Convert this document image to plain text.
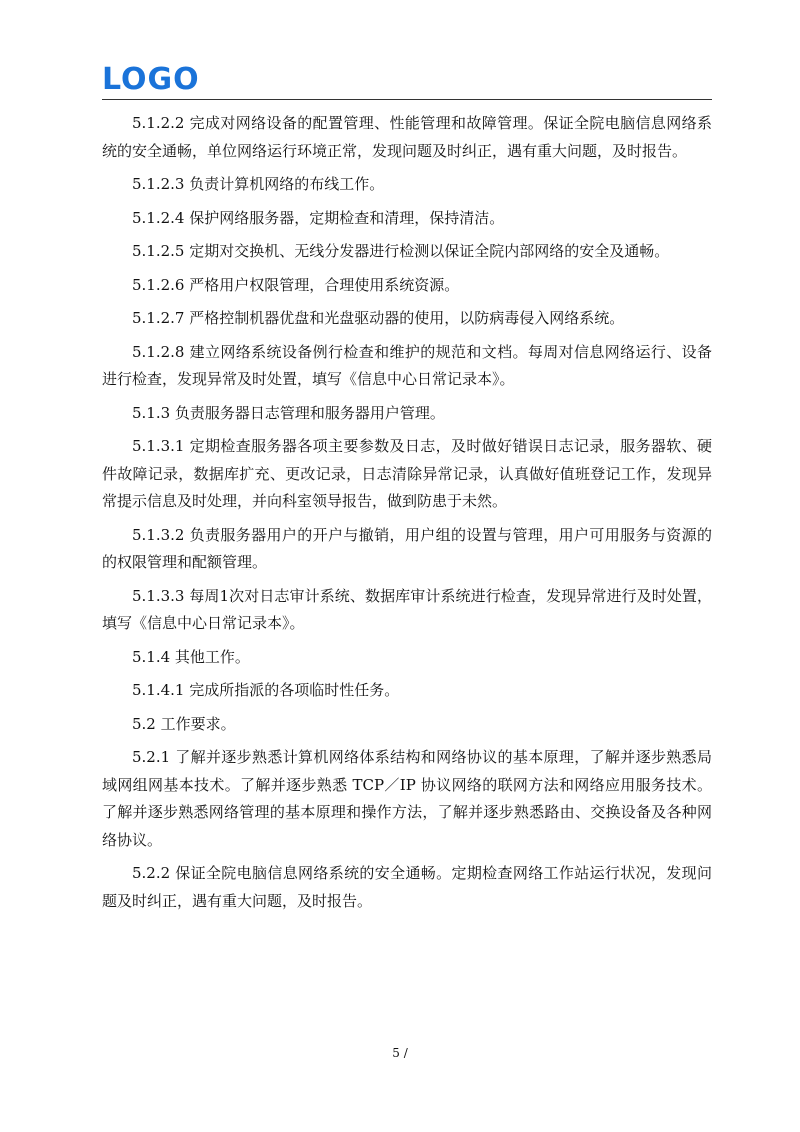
LOGO

5.1.2.2 完成对网络设备的配置管理、性能管理和故障管理。保证全院电脑信息网络系统的安全通畅，单位网络运行环境正常，发现问题及时纠正，遇有重大问题，及时报告。

5.1.2.3 负责计算机网络的布线工作。

5.1.2.4 保护网络服务器，定期检查和清理，保持清洁。

5.1.2.5 定期对交换机、无线分发器进行检测以保证全院内部网络的安全及通畅。

5.1.2.6 严格用户权限管理，合理使用系统资源。

5.1.2.7 严格控制机器优盘和光盘驱动器的使用，以防病毒侵入网络系统。

5.1.2.8 建立网络系统设备例行检查和维护的规范和文档。每周对信息网络运行、设备进行检查，发现异常及时处置，填写《信息中心日常记录本》。

5.1.3 负责服务器日志管理和服务器用户管理。

5.1.3.1 定期检查服务器各项主要参数及日志，及时做好错误日志记录，服务器软、硬件故障记录，数据库扩充、更改记录，日志清除异常记录，认真做好值班登记工作，发现异常提示信息及时处理，并向科室领导报告，做到防患于未然。

5.1.3.2 负责服务器用户的开户与撤销，用户组的设置与管理，用户可用服务与资源的的权限管理和配额管理。

5.1.3.3 每周1次对日志审计系统、数据库审计系统进行检查，发现异常进行及时处置，填写《信息中心日常记录本》。

5.1.4 其他工作。

5.1.4.1 完成所指派的各项临时性任务。

5.2 工作要求。

5.2.1 了解并逐步熟悉计算机网络体系结构和网络协议的基本原理，了解并逐步熟悉局域网组网基本技术。了解并逐步熟悉 TCP／IP 协议网络的联网方法和网络应用服务技术。了解并逐步熟悉网络管理的基本原理和操作方法，了解并逐步熟悉路由、交换设备及各种网络协议。

5.2.2 保证全院电脑信息网络系统的安全通畅。定期检查网络工作站运行状况，发现问题及时纠正，遇有重大问题，及时报告。

5 /
